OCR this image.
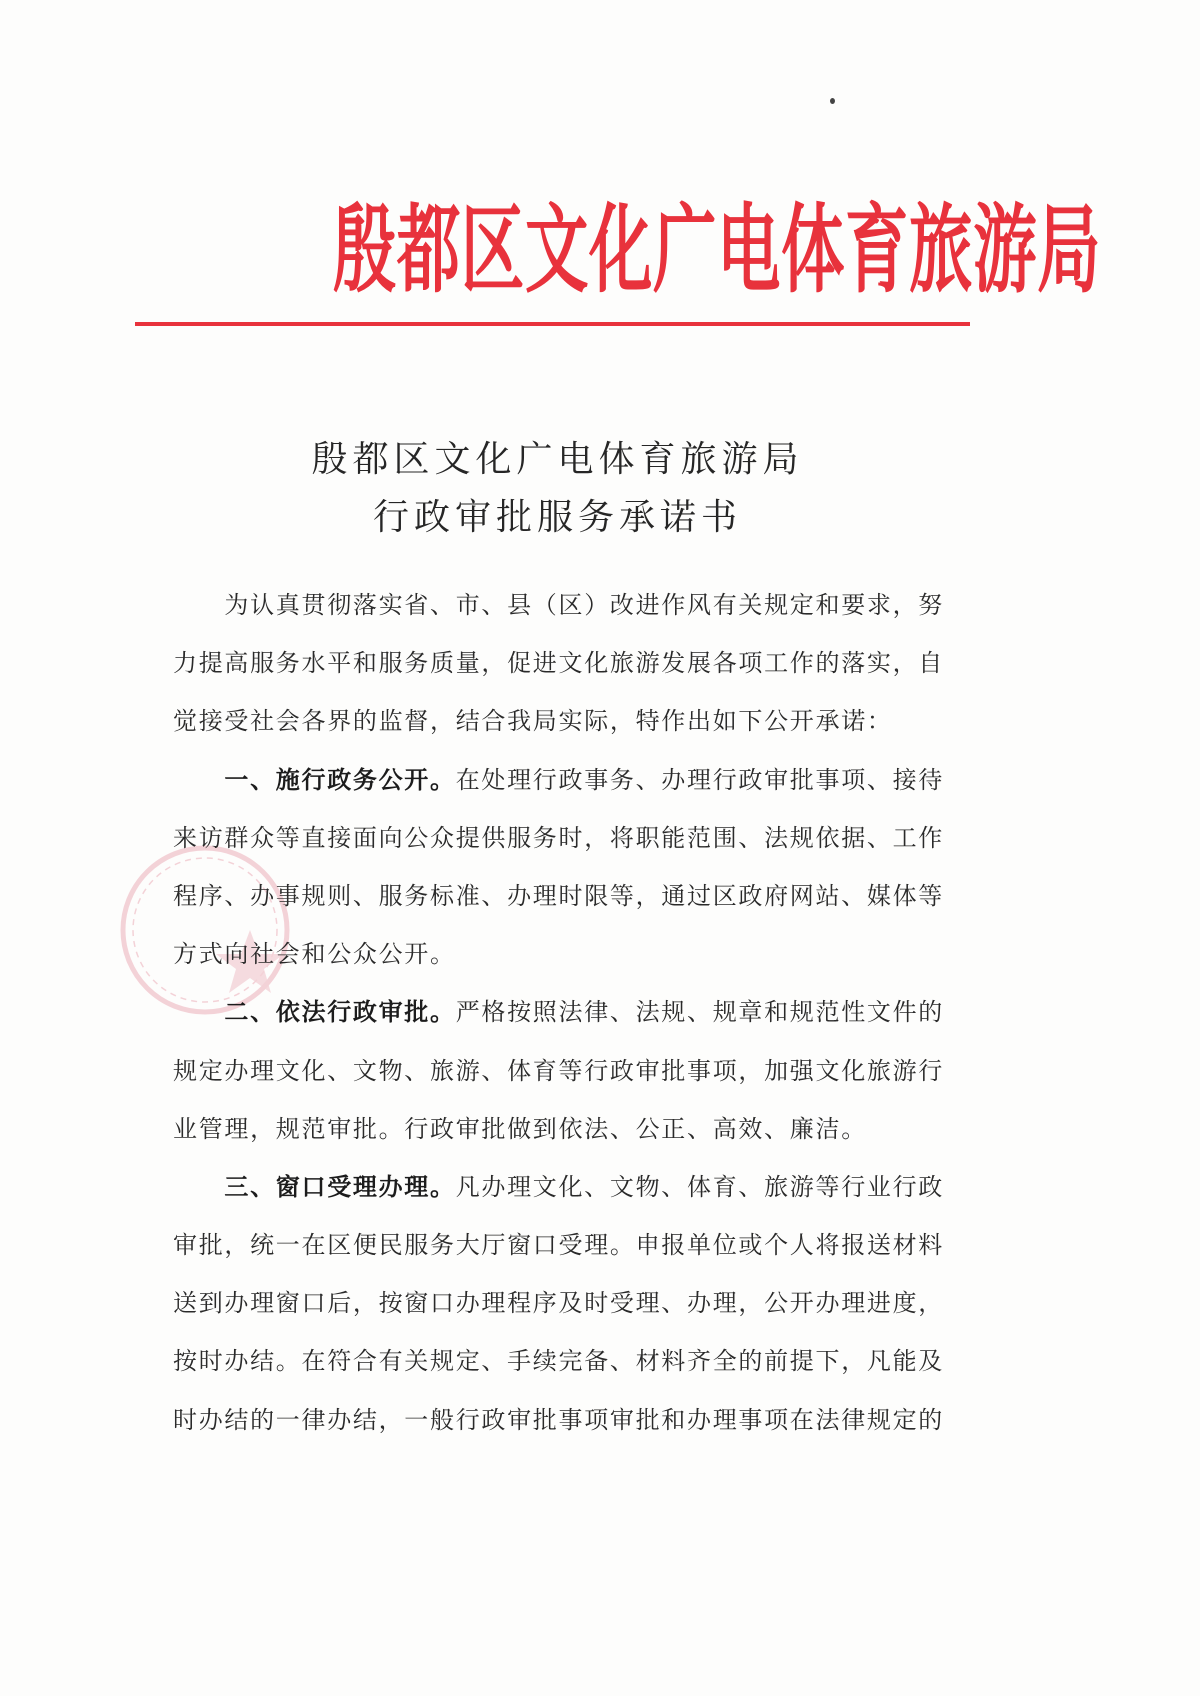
殷都区文化广电体育旅游局
殷都区文化广电体育旅游局
行政审批服务承诺书
为认真贯彻落实省、市、县（区）改进作风有关规定和要求，努
力提高服务水平和服务质量，促进文化旅游发展各项工作的落实，自
觉接受社会各界的监督，结合我局实际，特作出如下公开承诺：
一、施行政务公开。在处理行政事务、办理行政审批事项、接待
来访群众等直接面向公众提供服务时，将职能范围、法规依据、工作
程序、办事规则、服务标准、办理时限等，通过区政府网站、媒体等
方式向社会和公众公开。
二、依法行政审批。严格按照法律、法规、规章和规范性文件的
规定办理文化、文物、旅游、体育等行政审批事项，加强文化旅游行
业管理，规范审批。行政审批做到依法、公正、高效、廉洁。
三、窗口受理办理。凡办理文化、文物、体育、旅游等行业行政
审批，统一在区便民服务大厅窗口受理。申报单位或个人将报送材料
送到办理窗口后，按窗口办理程序及时受理、办理，公开办理进度，
按时办结。在符合有关规定、手续完备、材料齐全的前提下，凡能及
时办结的一律办结，一般行政审批事项审批和办理事项在法律规定的
